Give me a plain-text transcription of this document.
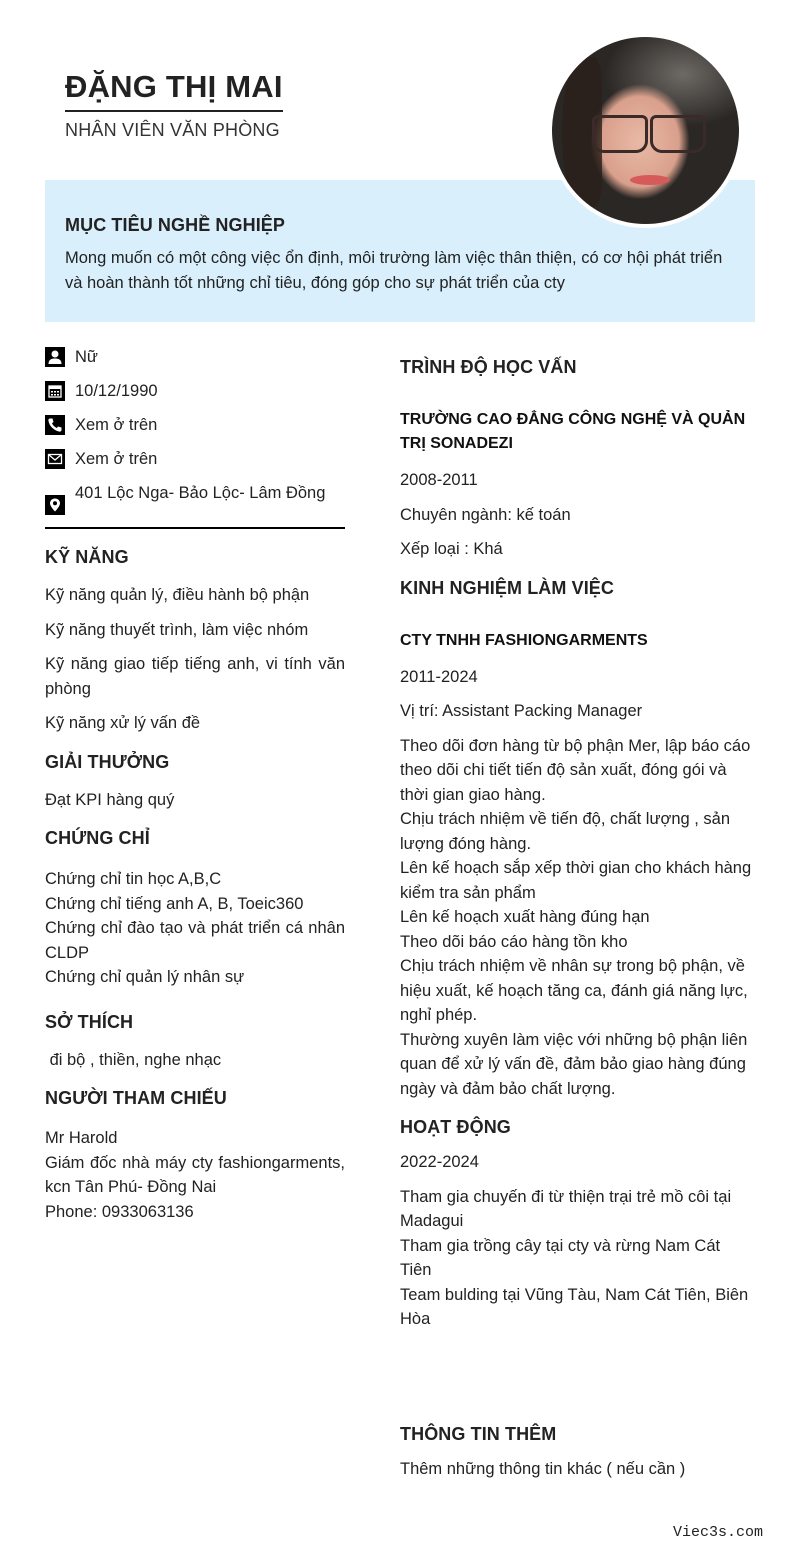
ĐẶNG THỊ MAI
NHÂN VIÊN VĂN PHÒNG
MỤC TIÊU NGHỀ NGHIỆP
Mong muốn có một công việc ổn định, môi trường làm việc thân thiện, có cơ hội phát triển và hoàn thành tốt những chỉ tiêu, đóng góp cho sự phát triển của cty
Nữ
10/12/1990
Xem ở trên
Xem ở trên
401 Lộc Nga- Bảo Lộc- Lâm Đồng
KỸ NĂNG
Kỹ năng quản lý, điều hành bộ phận
Kỹ năng thuyết trình, làm việc nhóm
Kỹ năng giao tiếp tiếng anh, vi tính văn phòng
Kỹ năng xử lý vấn đề
GIẢI THƯỞNG
Đạt KPI hàng quý
CHỨNG CHỈ
Chứng chỉ tin học A,B,C
Chứng chỉ tiếng anh A, B, Toeic360
Chứng chỉ đào tạo và phát triển cá nhân CLDP
Chứng chỉ quản lý nhân sự
SỞ THÍCH
đi bộ , thiền, nghe nhạc
NGƯỜI THAM CHIẾU
Mr Harold
Giám đốc nhà máy cty fashiongarments, kcn Tân Phú- Đồng Nai
Phone: 0933063136
TRÌNH ĐỘ HỌC VẤN
TRƯỜNG CAO ĐẲNG CÔNG NGHỆ VÀ QUẢN TRỊ SONADEZI
2008-2011
Chuyên ngành: kế toán
Xếp loại : Khá
KINH NGHIỆM LÀM VIỆC
CTY TNHH FASHIONGARMENTS
2011-2024
Vị trí: Assistant Packing Manager
Theo dõi đơn hàng từ bộ phận Mer, lập báo cáo theo dõi chi tiết tiến độ sản xuất, đóng gói và thời gian giao hàng.
Chịu trách nhiệm về tiến độ, chất lượng , sản lượng đóng hàng.
Lên kế hoạch sắp xếp thời gian cho khách hàng kiểm tra sản phẩm
Lên kế hoạch xuất hàng đúng hạn
Theo dõi báo cáo hàng tồn kho
Chịu trách nhiệm về nhân sự trong bộ phận, về hiệu xuất, kế hoạch tăng ca, đánh giá năng lực, nghỉ phép.
Thường xuyên làm việc với những bộ phận liên quan để xử lý vấn đề, đảm bảo giao hàng đúng ngày và đảm bảo chất lượng.
HOẠT ĐỘNG
2022-2024
Tham gia chuyến đi từ thiện trại trẻ mồ côi tại Madagui
Tham gia trồng cây tại cty và rừng Nam Cát Tiên
Team bulding tại Vũng Tàu, Nam Cát Tiên, Biên Hòa
THÔNG TIN THÊM
Thêm những thông tin khác ( nếu cần )
Viec3s.com
